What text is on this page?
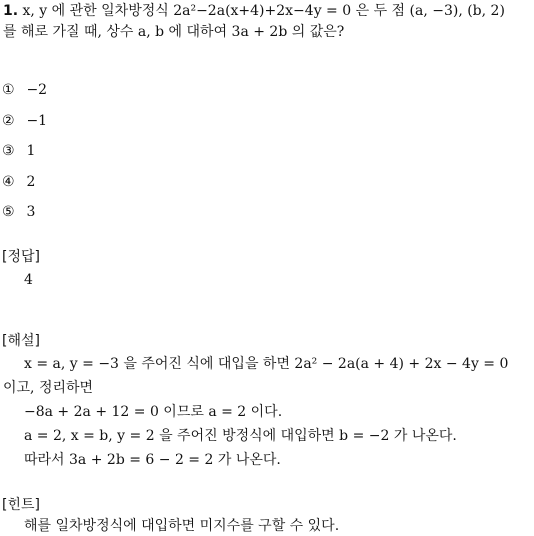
1. x, y 에 관한 일차방정식 2a²−2a(x+4)+2x−4y = 0 은 두 점 (a, −3), (b, 2)
를 해로 가질 때, 상수 a, b 에 대하여 3a + 2b 의 값은?
① −2
② −1
③ 1
④ 2
⑤ 3
[정답]
4
[해설]
x = a, y = −3 을 주어진 식에 대입을 하면 2a² − 2a(a + 4) + 2x − 4y = 0
이고, 정리하면
−8a + 2a + 12 = 0 이므로 a = 2 이다.
a = 2, x = b, y = 2 을 주어진 방정식에 대입하면 b = −2 가 나온다.
따라서 3a + 2b = 6 − 2 = 2 가 나온다.
[힌트]
해를 일차방정식에 대입하면 미지수를 구할 수 있다.
